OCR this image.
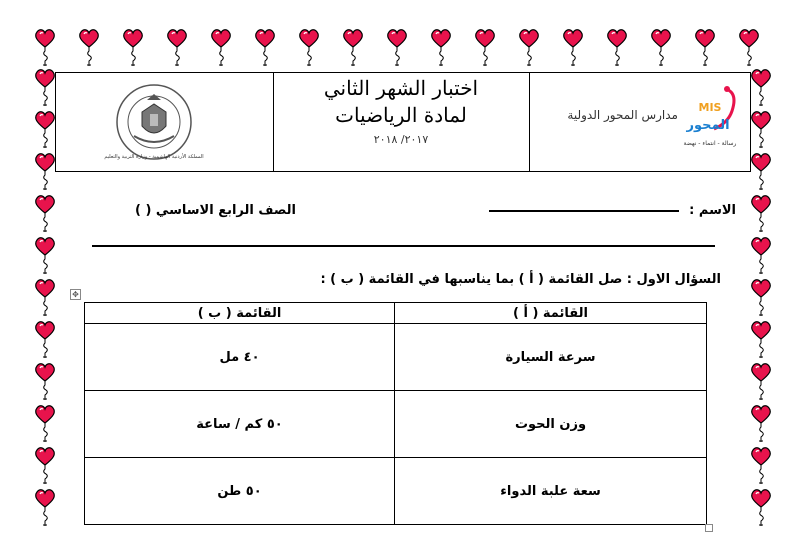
المملكة الأردنية الهاشمية - وزارة التربية والتعليم
اختبار الشهر الثاني
لمادة الرياضيات
٢٠١٧/ ٢٠١٨
مدارس المحور الدولية
MIS
المحور
رسالة - انتماء - نهضة
الاسم :
الصف الرابع الاساسي ( )
السؤال الاول : صل القائمة ( أ ) بما يناسبها في القائمة ( ب ) :
✥
القائمة ( أ )	القائمة ( ب )
سرعة السيارة	٤٠ مل
وزن الحوت	٥٠ كم / ساعة
سعة علبة الدواء	٥٠ طن
